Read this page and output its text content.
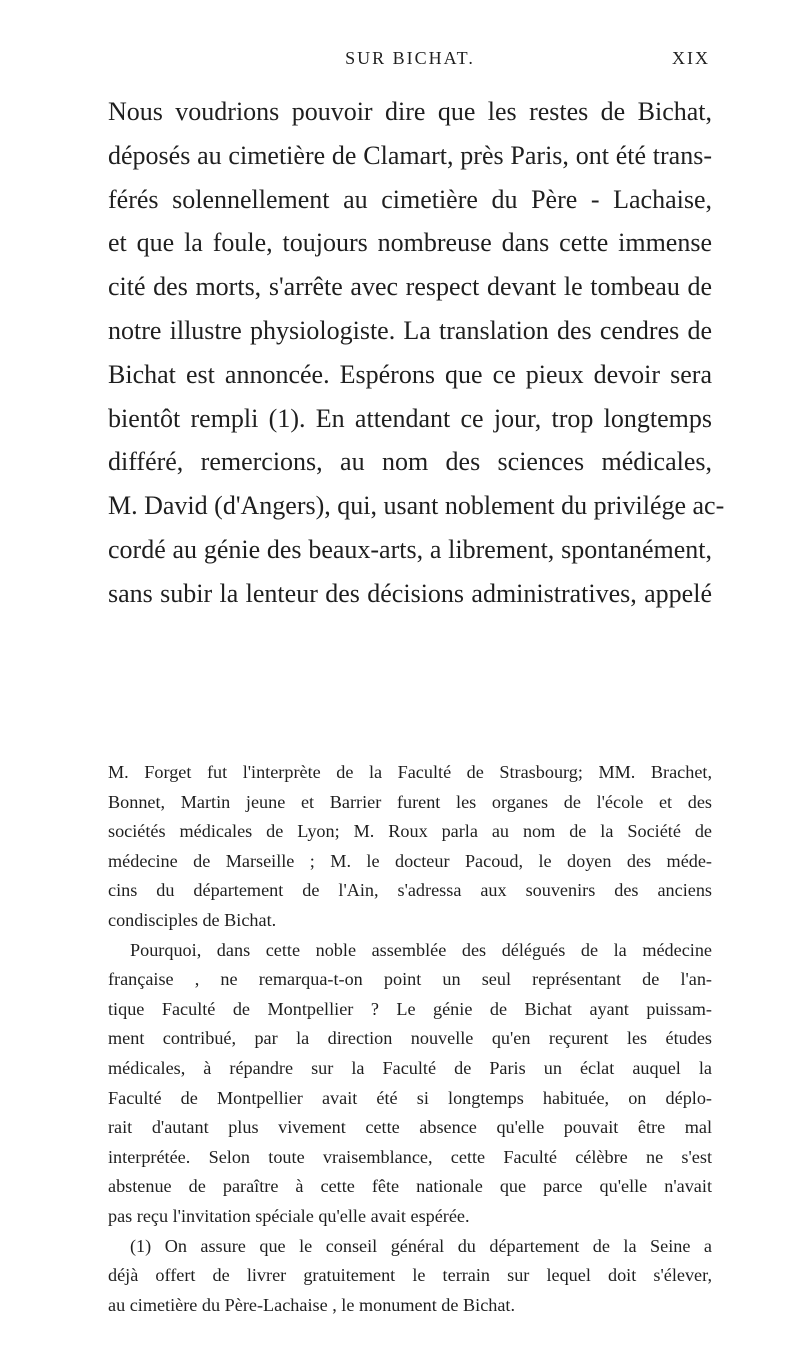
SUR BICHAT.	XIX
Nous voudrions pouvoir dire que les restes de Bichat,
déposés au cimetière de Clamart, près Paris, ont été trans-
férés solennellement au cimetière du Père - Lachaise,
et que la foule, toujours nombreuse dans cette immense
cité des morts, s'arrête avec respect devant le tombeau de
notre illustre physiologiste. La translation des cendres de
Bichat est annoncée. Espérons que ce pieux devoir sera
bientôt rempli (1). En attendant ce jour, trop longtemps
différé, remercions, au nom des sciences médicales,
M. David (d'Angers), qui, usant noblement du privilége ac-
cordé au génie des beaux-arts, a librement, spontanément,
sans subir la lenteur des décisions administratives, appelé
M. Forget fut l'interprète de la Faculté de Strasbourg; MM. Brachet,
Bonnet, Martin jeune et Barrier furent les organes de l'école et des
sociétés médicales de Lyon; M. Roux parla au nom de la Société de
médecine de Marseille ; M. le docteur Pacoud, le doyen des méde-
cins du département de l'Ain, s'adressa aux souvenirs des anciens
condisciples de Bichat.
Pourquoi, dans cette noble assemblée des délégués de la médecine
française , ne remarqua-t-on point un seul représentant de l'an-
tique Faculté de Montpellier ? Le génie de Bichat ayant puissam-
ment contribué, par la direction nouvelle qu'en reçurent les études
médicales, à répandre sur la Faculté de Paris un éclat auquel la
Faculté de Montpellier avait été si longtemps habituée, on déplo-
rait d'autant plus vivement cette absence qu'elle pouvait être mal
interprétée. Selon toute vraisemblance, cette Faculté célèbre ne s'est
abstenue de paraître à cette fête nationale que parce qu'elle n'avait
pas reçu l'invitation spéciale qu'elle avait espérée.
(1) On assure que le conseil général du département de la Seine a
déjà offert de livrer gratuitement le terrain sur lequel doit s'élever,
au cimetière du Père-Lachaise , le monument de Bichat.
